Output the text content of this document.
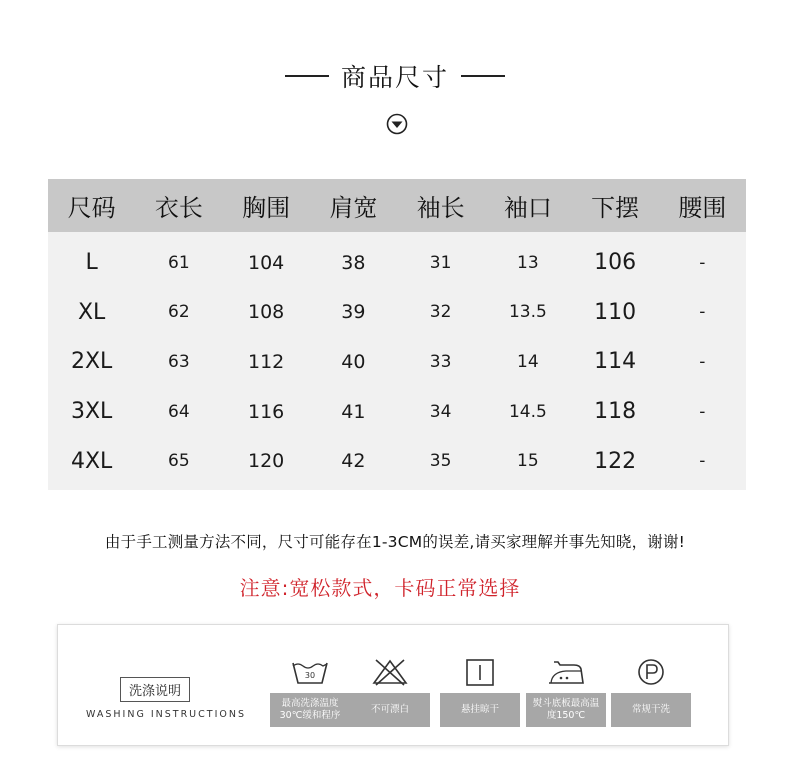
商品尺寸
尺码	衣长	胸围	肩宽	袖长	袖口	下摆	腰围
L	61	104	38	31	13	106	-
XL	62	108	39	32	13.5	110	-
2XL	63	112	40	33	14	114	-
3XL	64	116	41	34	14.5	118	-
4XL	65	120	42	35	15	122	-
由于手工测量方法不同，尺寸可能存在1-3CM的误差,请买家理解并事先知晓，谢谢!
注意:宽松款式，卡码正常选择
洗涤说明
WASHING INSTRUCTIONS
30
最高洗涤温度30℃缓和程序
不可漂白	悬挂晾干
熨斗底板最高温度150℃
常规干洗
